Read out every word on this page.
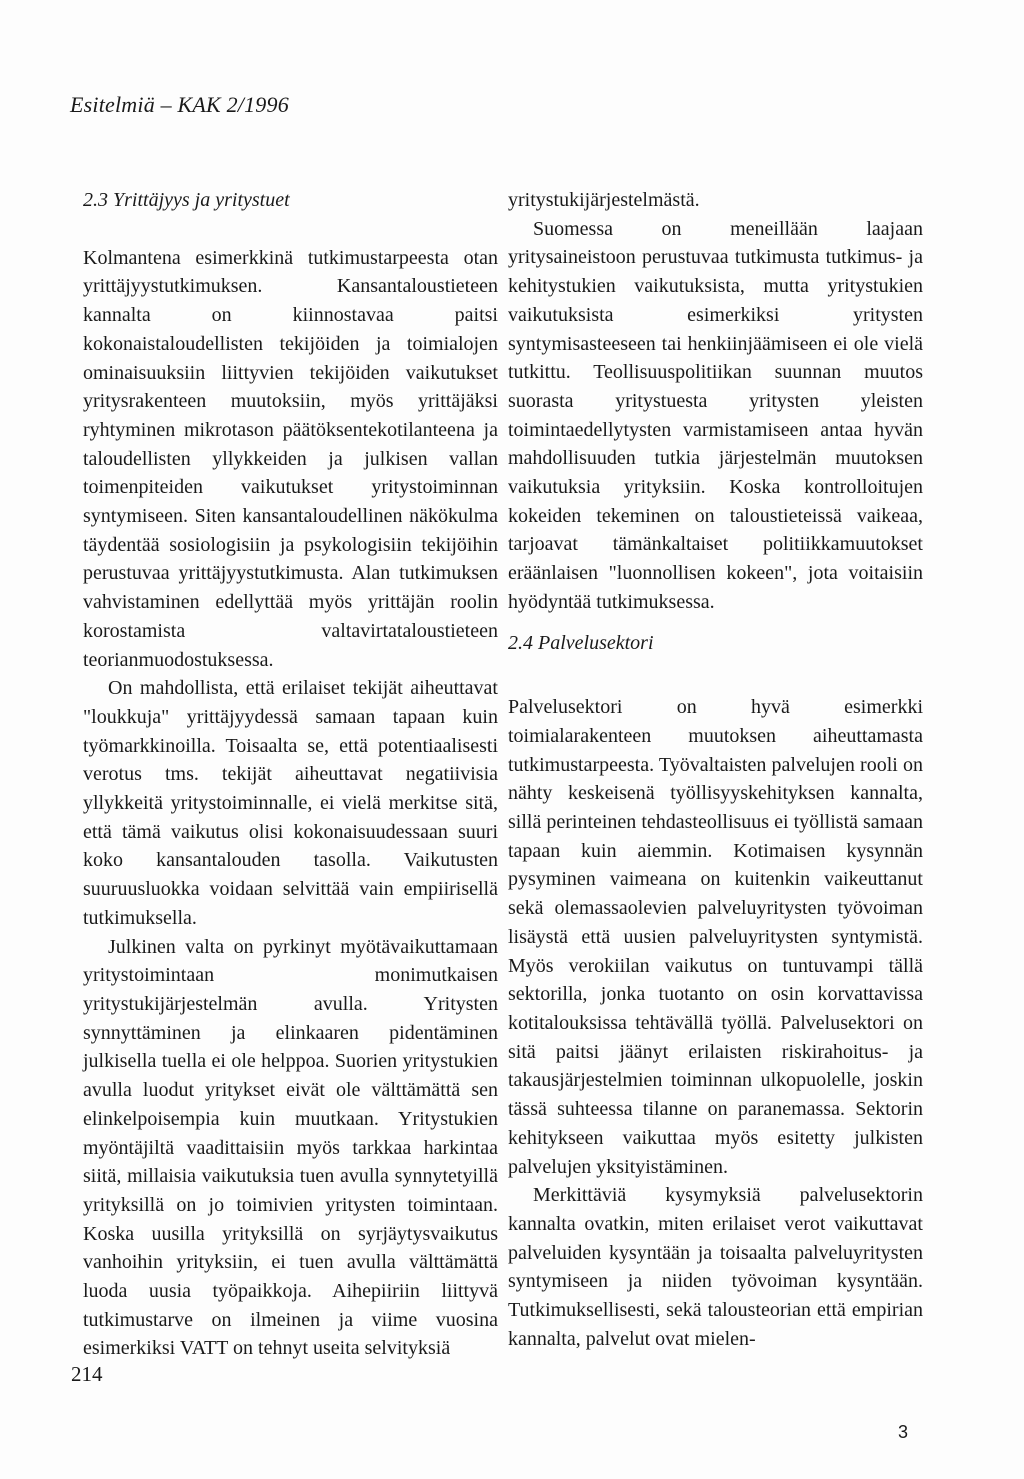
Esitelmiä – KAK 2/1996
2.3 Yrittäjyys ja yritystuet

Kolmantena esimerkkinä tutkimustarpeesta otan yrittäjyystutkimuksen. Kansantaloustieteen kannalta on kiinnostavaa paitsi kokonaistaloudellisten tekijöiden ja toimialojen ominaisuuksiin liittyvien tekijöiden vaikutukset yritysrakenteen muutoksiin, myös yrittäjäksi ryhtyminen mikrotason päätöksentekotilanteena ja taloudellisten yllykkeiden ja julkisen vallan toimenpiteiden vaikutukset yritystoiminnan syntymiseen. Siten kansantaloudellinen näkökulma täydentää sosiologisiin ja psykologisiin tekijöihin perustuvaa yrittäjyystutkimusta. Alan tutkimuksen vahvistaminen edellyttää myös yrittäjän roolin korostamista valtavirtataloustieteen teorianmuodostuksessa.

On mahdollista, että erilaiset tekijät aiheuttavat "loukkuja" yrittäjyydessä samaan tapaan kuin työmarkkinoilla. Toisaalta se, että potentiaalisesti verotus tms. tekijät aiheuttavat negatiivisia yllykkeitä yritystoiminnalle, ei vielä merkitse sitä, että tämä vaikutus olisi kokonaisuudessaan suuri koko kansantalouden tasolla. Vaikutusten suuruusluokka voidaan selvittää vain empiirisellä tutkimuksella.

Julkinen valta on pyrkinyt myötävaikuttamaan yritystoimintaan monimutkaisen yritystukijärjestelmän avulla. Yritysten synnyttäminen ja elinkaaren pidentäminen julkisella tuella ei ole helppoa. Suorien yritystukien avulla luodut yritykset eivät ole välttämättä sen elinkelpoisempia kuin muutkaan. Yritystukien myöntäjiltä vaadittaisiin myös tarkkaa harkintaa siitä, millaisia vaikutuksia tuen avulla synnytetyillä yrityksillä on jo toimivien yritysten toimintaan. Koska uusilla yrityksillä on syrjäytysvaikutus vanhoihin yrityksiin, ei tuen avulla välttämättä luoda uusia työpaikkoja. Aihepiiriin liittyvä tutkimustarve on ilmeinen ja viime vuosina esimerkiksi VATT on tehnyt useita selvityksiä

yritystukijärjestelmästä.

Suomessa on meneillään laajaan yritysaineistoon perustuvaa tutkimusta tutkimus- ja kehitystukien vaikutuksista, mutta yritystukien vaikutuksista esimerkiksi yritysten syntymisasteeseen tai henkiinjäämiseen ei ole vielä tutkittu. Teollisuuspolitiikan suunnan muutos suorasta yritystuesta yritysten yleisten toimintaedellytysten varmistamiseen antaa hyvän mahdollisuuden tutkia järjestelmän muutoksen vaikutuksia yrityksiin. Koska kontrolloitujen kokeiden tekeminen on taloustieteissä vaikeaa, tarjoavat tämänkaltaiset politiikkamuutokset eräänlaisen "luonnollisen kokeen", jota voitaisiin hyödyntää tutkimuksessa.

2.4 Palvelusektori

Palvelusektori on hyvä esimerkki toimialarakenteen muutoksen aiheuttamasta tutkimustarpeesta. Työvaltaisten palvelujen rooli on nähty keskeisenä työllisyyskehityksen kannalta, sillä perinteinen tehdasteollisuus ei työllistä samaan tapaan kuin aiemmin. Kotimaisen kysynnän pysyminen vaimeana on kuitenkin vaikeuttanut sekä olemassaolevien palveluyritysten työvoiman lisäystä että uusien palveluyritysten syntymistä. Myös verokiilan vaikutus on tuntuvampi tällä sektorilla, jonka tuotanto on osin korvattavissa kotitalouksissa tehtävällä työllä. Palvelusektori on sitä paitsi jäänyt erilaisten riskirahoitus- ja takausjärjestelmien toiminnan ulkopuolelle, joskin tässä suhteessa tilanne on paranemassa. Sektorin kehitykseen vaikuttaa myös esitetty julkisten palvelujen yksityistäminen.

Merkittäviä kysymyksiä palvelusektorin kannalta ovatkin, miten erilaiset verot vaikuttavat palveluiden kysyntään ja toisaalta palveluyritysten syntymiseen ja niiden työvoiman kysyntään. Tutkimuksellisesti, sekä talousteorian että empirian kannalta, palvelut ovat mielen-

214
3
